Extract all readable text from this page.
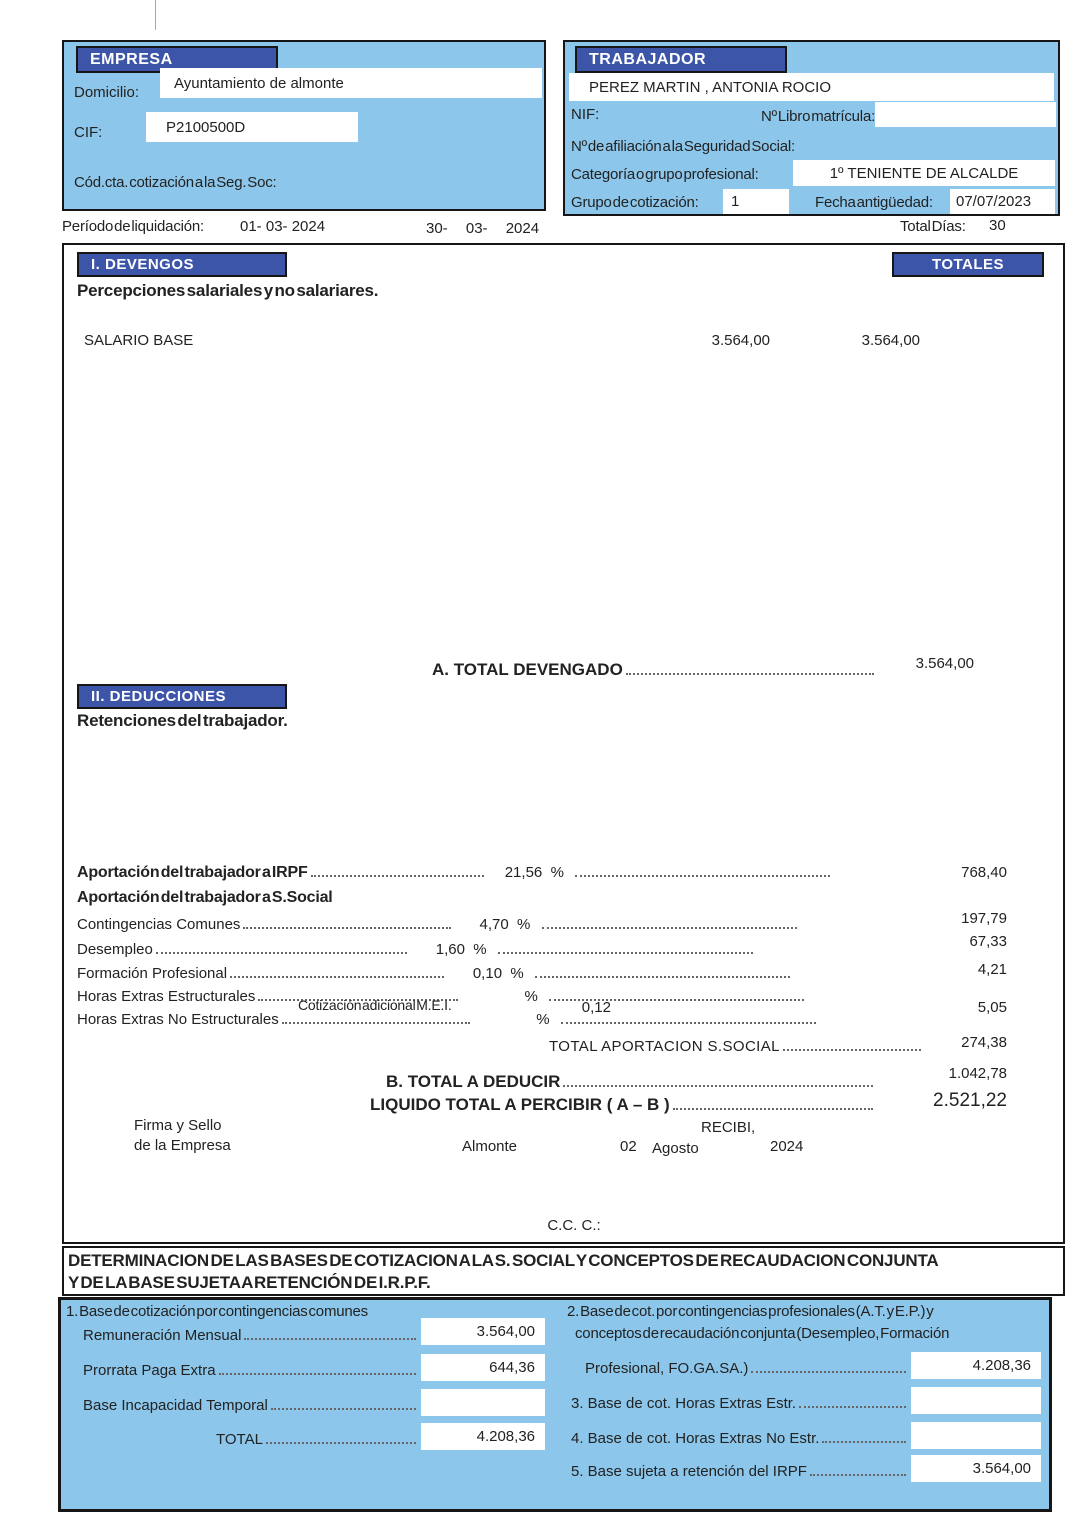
EMPRESA
Domicilio:
Ayuntamiento de almonte
CIF:	P2100500D
Cód.cta. cotización a la Seg. Soc:
TRABAJADOR
PEREZ MARTIN , ANTONIA ROCIO
NIF:	Nº Libro matrícula:
Nº de afiliación a la Seguridad Social:
Categoría o grupo profesional:	1º TENIENTE DE ALCALDE
Grupo de cotización: 1	Fecha antigüedad: 07/07/2023
Período de liquidación: 01- 03- 2024	30- 03- 2024	Total Días: 30
I. DEVENGOS	TOTALES
Percepciones salariales y no salariares.
SALARIO BASE	3.564,00	3.564,00
A. TOTAL DEVENGADO	3.564,00
II. DEDUCCIONES
Retenciones del trabajador.
Aportación del trabajador a IRPF	21,56 %	768,40
Aportación del trabajador a S.Social
Contingencias Comunes	4,70 %	197,79
Desempleo	1,60 %	67,33
Formación Profesional	0,10 %	4,21
Horas Extras Estructurales	%
Cotización adicional M.E.I.	0,12	5,05
Horas Extras No Estructurales	%
TOTAL APORTACION S.SOCIAL	274,38
B. TOTAL A DEDUCIR	1.042,78
LIQUIDO TOTAL A PERCIBIR ( A – B )	2.521,22
Firma y Sello
de la Empresa
RECIBI,
Almonte	02 Agosto	2024
C.C. C.:
DETERMINACION DE LAS BASES DE COTIZACION A LA S. SOCIAL Y CONCEPTOS DE RECAUDACION CONJUNTA
Y DE LA BASE SUJETA A RETENCIÓN DE I.R.P.F.
1. Base de cotización por contingencias comunes
Remuneración Mensual	3.564,00
Prorrata Paga Extra	644,36
Base Incapacidad Temporal
TOTAL	4.208,36
2. Base de cot. por contingencias profesionales (A.T. y E.P.) y
conceptos de recaudación conjunta (Desempleo, Formación
Profesional, FO.GA.SA.)	4.208,36
3. Base de cot. Horas Extras Estr.
4. Base de cot. Horas Extras No Estr.
5. Base sujeta a retención del IRPF	3.564,00
